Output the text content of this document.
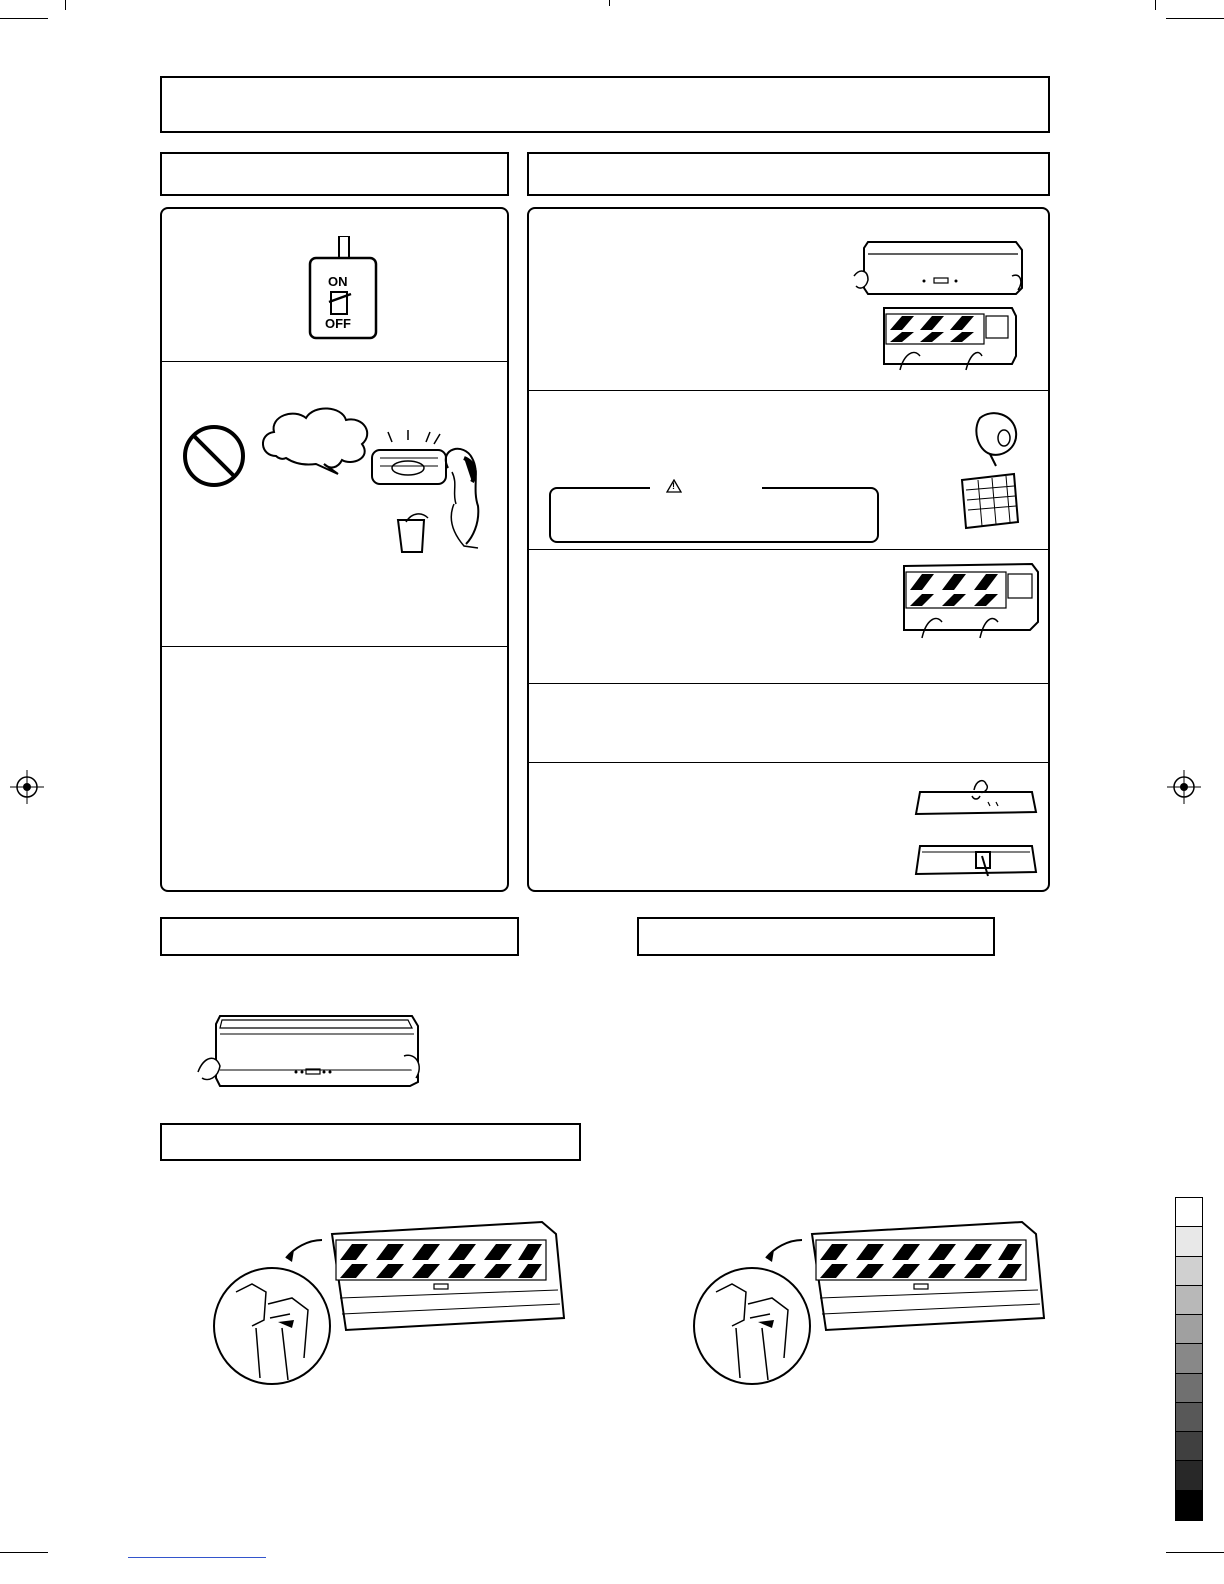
ON
OFF
!
